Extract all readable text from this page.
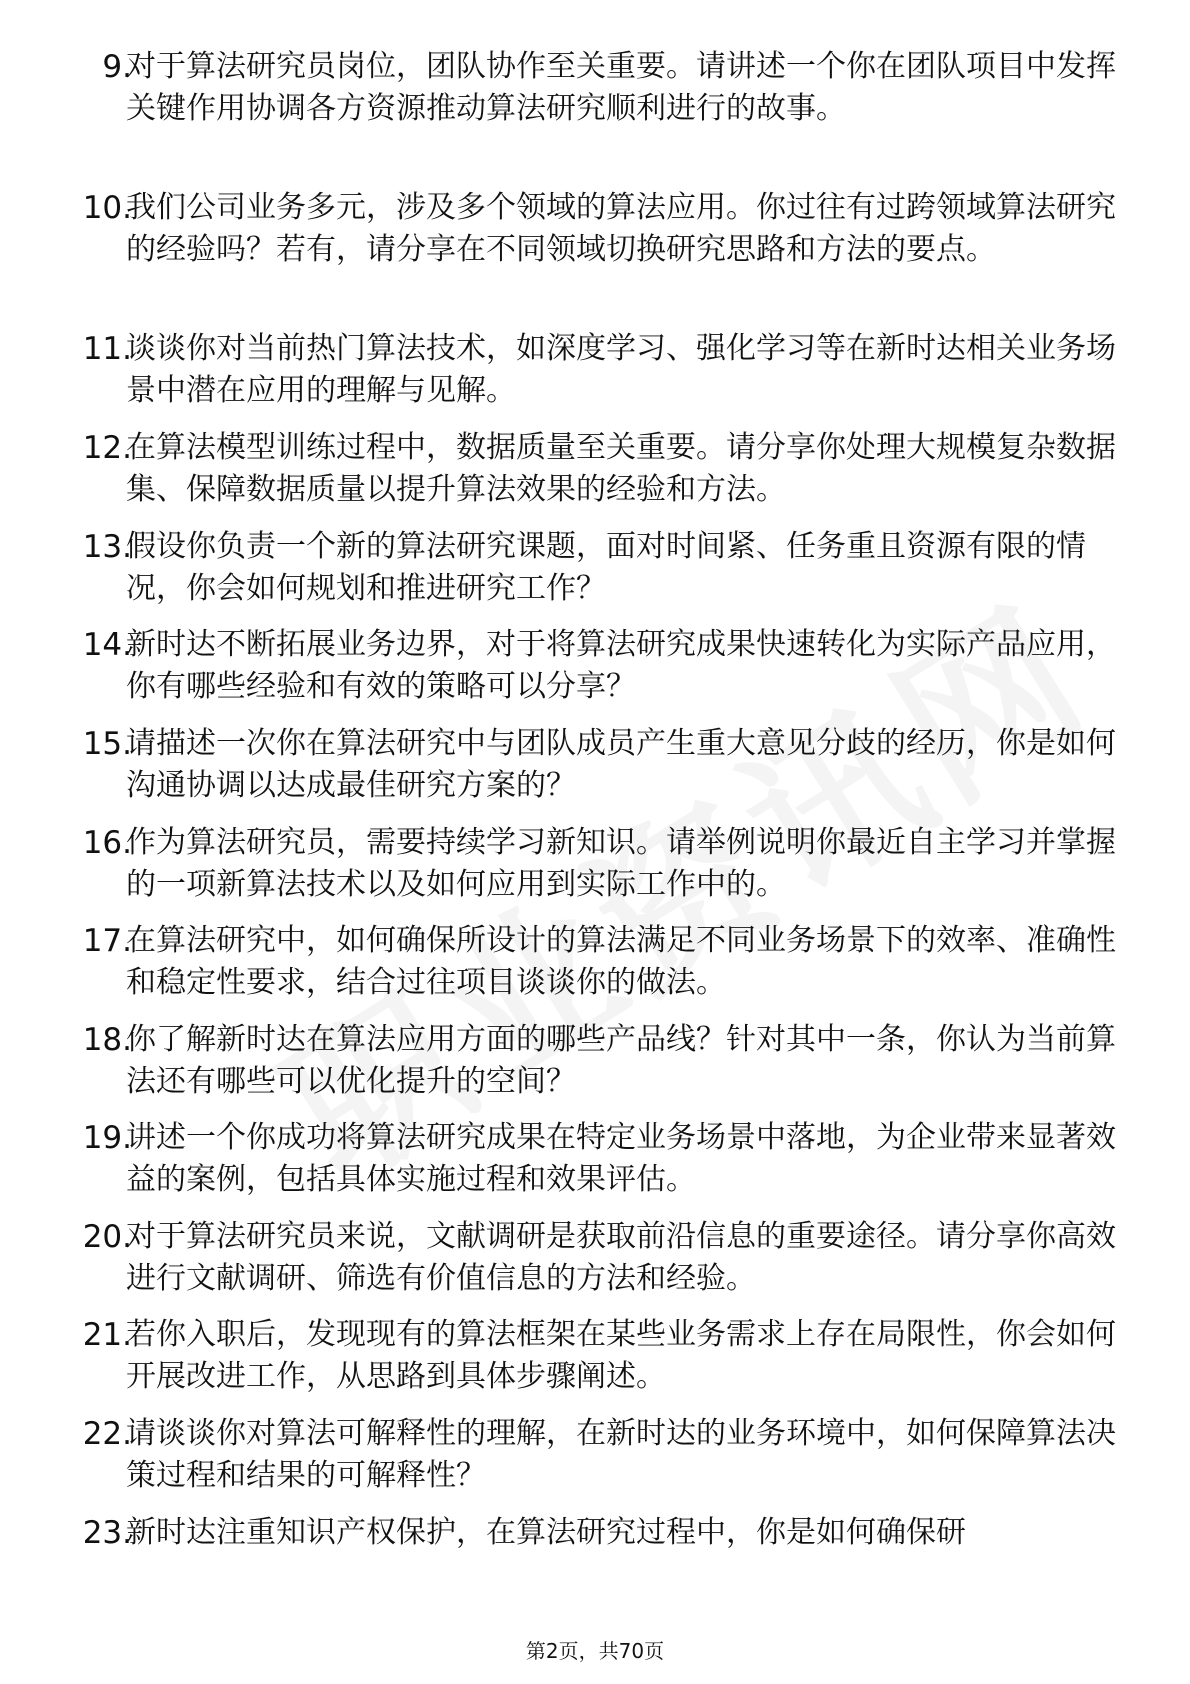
9.
对于算法研究员岗位，团队协作至关重要。请讲述一个你在团队项目中发挥关键作用协调各方资源推动算法研究顺利进行的故事。
10.
我们公司业务多元，涉及多个领域的算法应用。你过往有过跨领域算法研究的经验吗？若有，请分享在不同领域切换研究思路和方法的要点。
11.
谈谈你对当前热门算法技术，如深度学习、强化学习等在新时达相关业务场景中潜在应用的理解与见解。
12.
在算法模型训练过程中，数据质量至关重要。请分享你处理大规模复杂数据集、保障数据质量以提升算法效果的经验和方法。
13.
假设你负责一个新的算法研究课题，面对时间紧、任务重且资源有限的情况，你会如何规划和推进研究工作？
14.
新时达不断拓展业务边界，对于将算法研究成果快速转化为实际产品应用，你有哪些经验和有效的策略可以分享？
15.
请描述一次你在算法研究中与团队成员产生重大意见分歧的经历，你是如何沟通协调以达成最佳研究方案的？
16.
作为算法研究员，需要持续学习新知识。请举例说明你最近自主学习并掌握的一项新算法技术以及如何应用到实际工作中的。
17.
在算法研究中，如何确保所设计的算法满足不同业务场景下的效率、准确性和稳定性要求，结合过往项目谈谈你的做法。
18.
你了解新时达在算法应用方面的哪些产品线？针对其中一条，你认为当前算法还有哪些可以优化提升的空间？
19.
讲述一个你成功将算法研究成果在特定业务场景中落地，为企业带来显著效益的案例，包括具体实施过程和效果评估。
20.
对于算法研究员来说，文献调研是获取前沿信息的重要途径。请分享你高效进行文献调研、筛选有价值信息的方法和经验。
21.
若你入职后，发现现有的算法框架在某些业务需求上存在局限性，你会如何开展改进工作，从思路到具体步骤阐述。
22.
请谈谈你对算法可解释性的理解，在新时达的业务环境中，如何保障算法决策过程和结果的可解释性？
23.
新时达注重知识产权保护，在算法研究过程中，你是如何确保研
第2页，共70页
